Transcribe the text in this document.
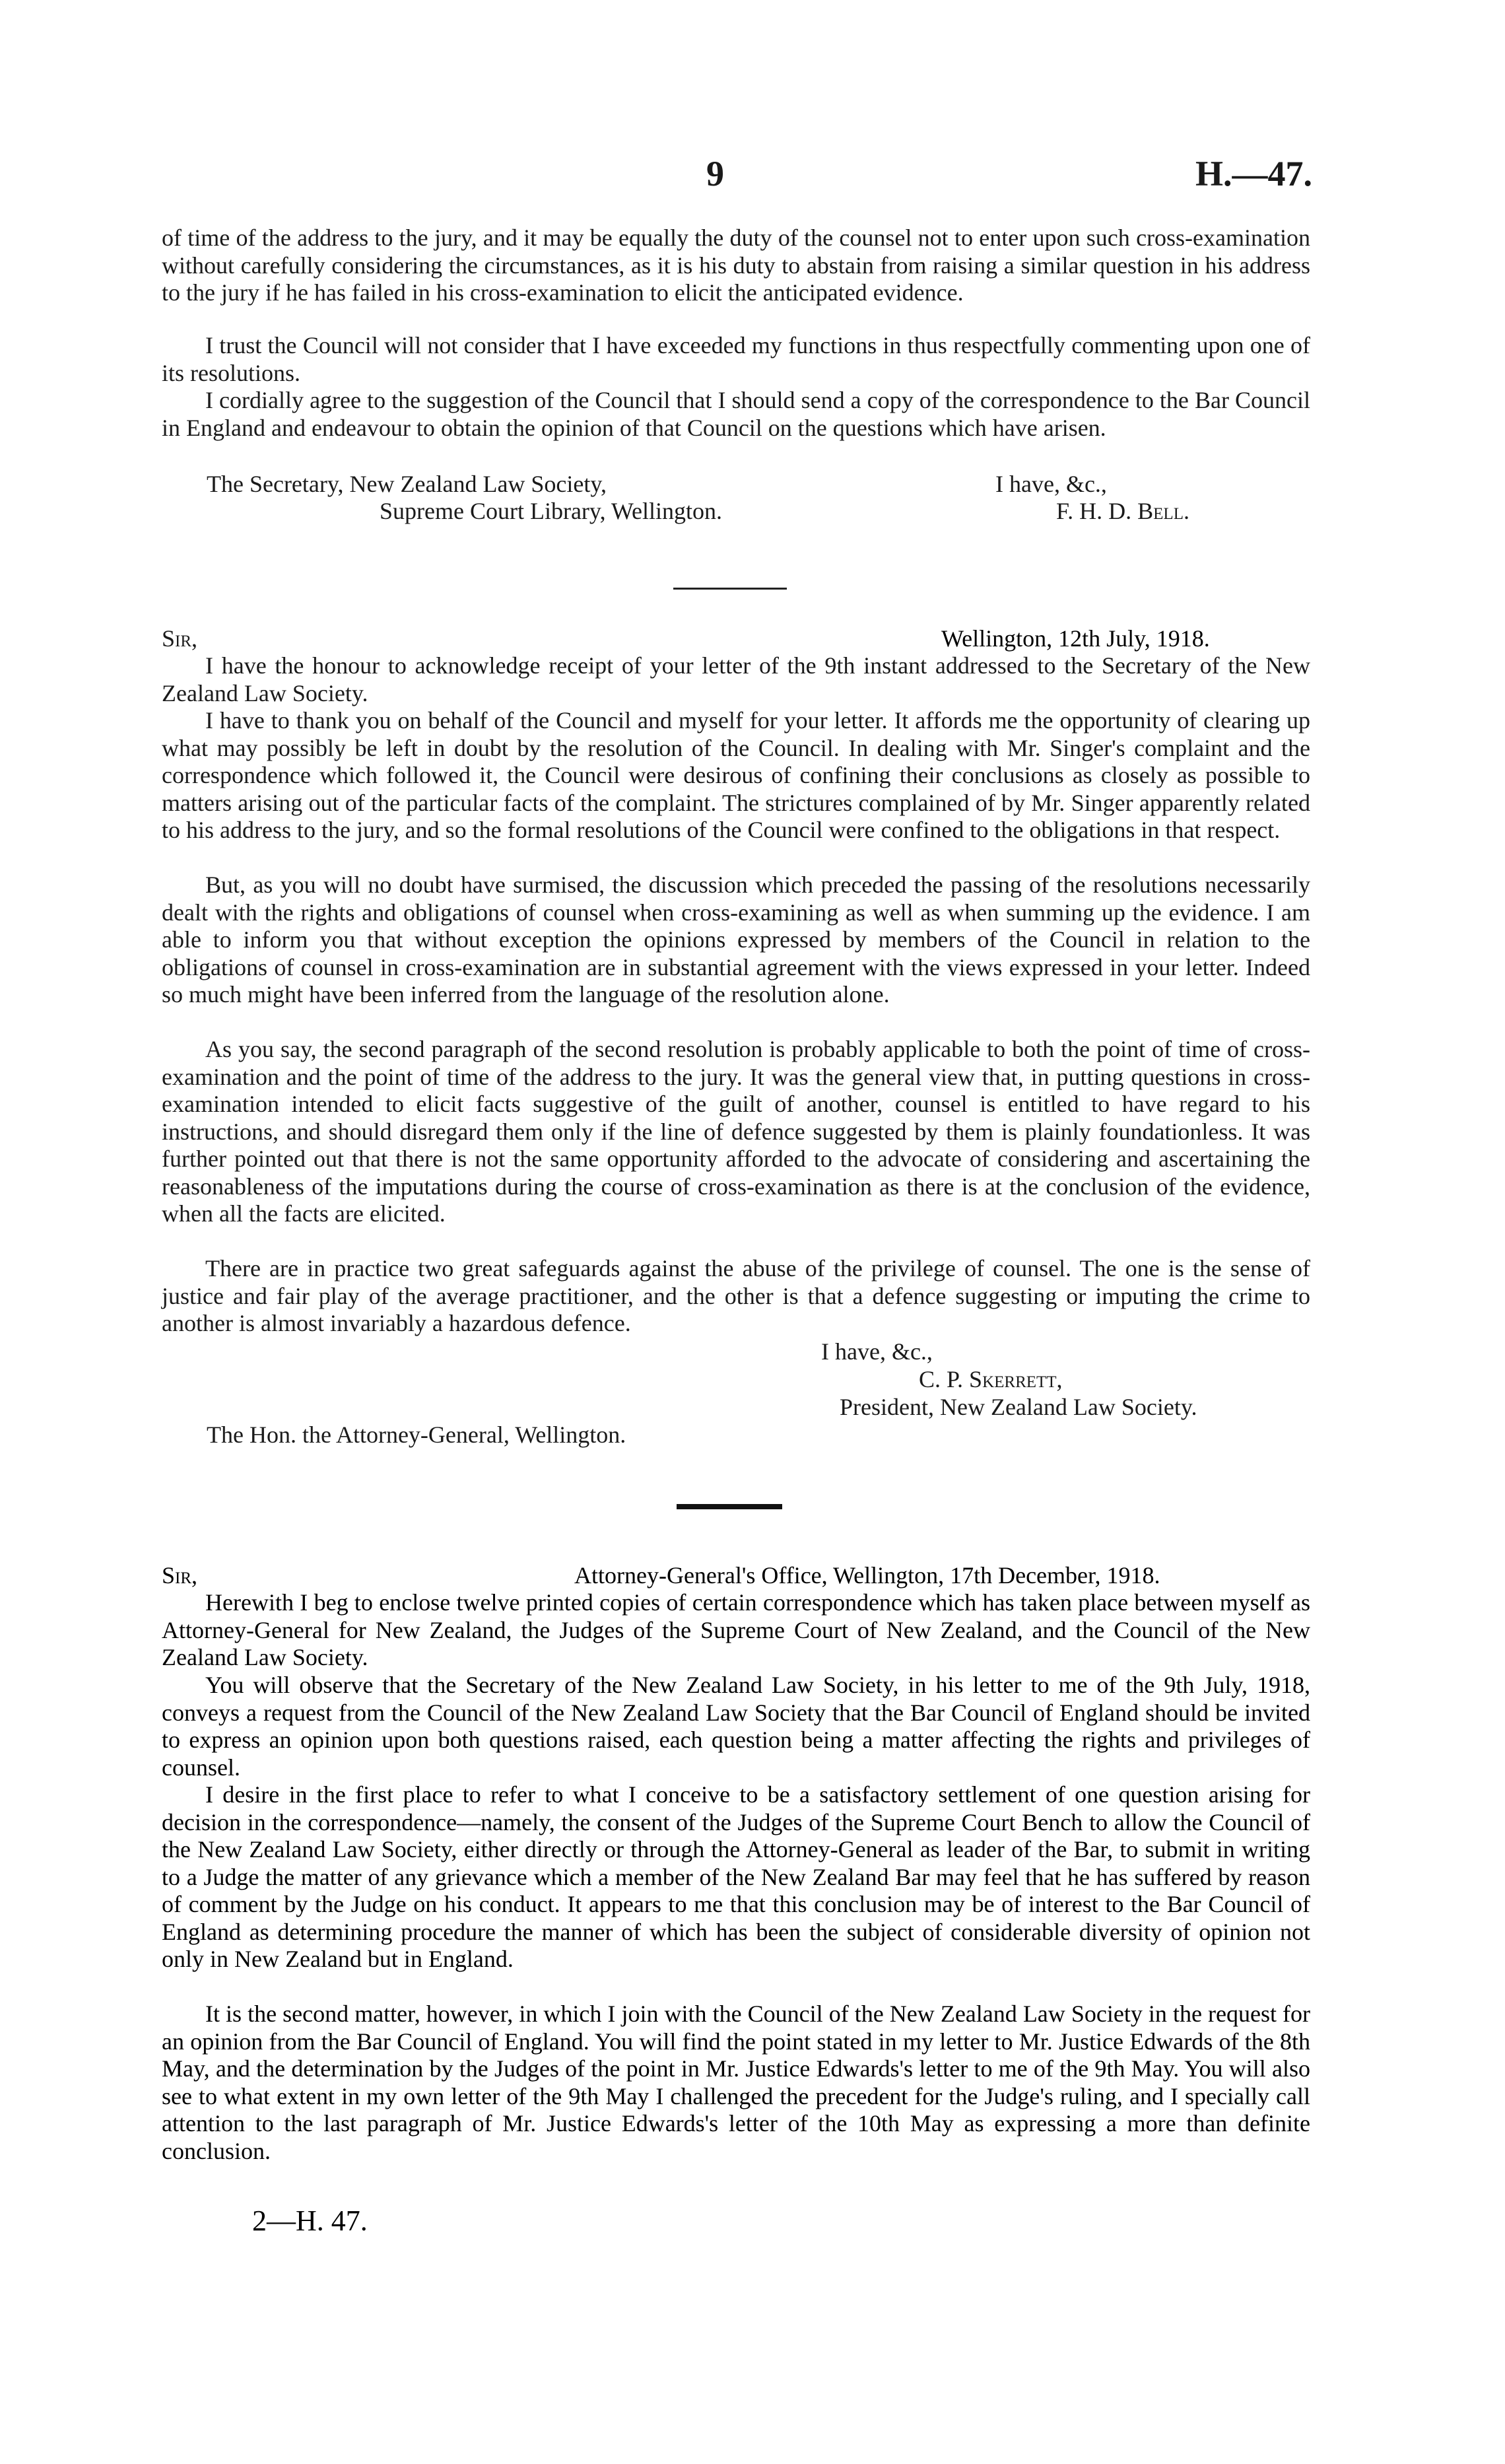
9	H.—47.

of time of the address to the jury, and it may be equally the duty of the counsel not to enter upon such cross-examination without carefully considering the circumstances, as it is his duty to abstain from raising a similar question in his address to the jury if he has failed in his cross-examination to elicit the anticipated evidence.

I trust the Council will not consider that I have exceeded my functions in thus respectfully commenting upon one of its resolutions.

I cordially agree to the suggestion of the Council that I should send a copy of the correspondence to the Bar Council in England and endeavour to obtain the opinion of that Council on the questions which have arisen.

The Secretary, New Zealand Law Society,
Supreme Court Library, Wellington.
I have, &c.,
F. H. D. Bell.
Sir,	Wellington, 12th July, 1918.

I have the honour to acknowledge receipt of your letter of the 9th instant addressed to the Secretary of the New Zealand Law Society.

I have to thank you on behalf of the Council and myself for your letter. It affords me the opportunity of clearing up what may possibly be left in doubt by the resolution of the Council. In dealing with Mr. Singer's complaint and the correspondence which followed it, the Council were desirous of confining their conclusions as closely as possible to matters arising out of the particular facts of the complaint. The strictures complained of by Mr. Singer apparently related to his address to the jury, and so the formal resolutions of the Council were confined to the obligations in that respect.

But, as you will no doubt have surmised, the discussion which preceded the passing of the resolutions necessarily dealt with the rights and obligations of counsel when cross-examining as well as when summing up the evidence. I am able to inform you that without exception the opinions expressed by members of the Council in relation to the obligations of counsel in cross-examination are in substantial agreement with the views expressed in your letter. Indeed so much might have been inferred from the language of the resolution alone.

As you say, the second paragraph of the second resolution is probably applicable to both the point of time of cross-examination and the point of time of the address to the jury. It was the general view that, in putting questions in cross-examination intended to elicit facts suggestive of the guilt of another, counsel is entitled to have regard to his instructions, and should disregard them only if the line of defence suggested by them is plainly foundationless. It was further pointed out that there is not the same opportunity afforded to the advocate of considering and ascertaining the reasonableness of the imputations during the course of cross-examination as there is at the conclusion of the evidence, when all the facts are elicited.

There are in practice two great safeguards against the abuse of the privilege of counsel. The one is the sense of justice and fair play of the average practitioner, and the other is that a defence suggesting or imputing the crime to another is almost invariably a hazardous defence.

I have, &c.,
C. P. Skerrett,
President, New Zealand Law Society.
The Hon. the Attorney-General, Wellington.
Sir,	Attorney-General's Office, Wellington, 17th December, 1918.

Herewith I beg to enclose twelve printed copies of certain correspondence which has taken place between myself as Attorney-General for New Zealand, the Judges of the Supreme Court of New Zealand, and the Council of the New Zealand Law Society.

You will observe that the Secretary of the New Zealand Law Society, in his letter to me of the 9th July, 1918, conveys a request from the Council of the New Zealand Law Society that the Bar Council of England should be invited to express an opinion upon both questions raised, each question being a matter affecting the rights and privileges of counsel.

I desire in the first place to refer to what I conceive to be a satisfactory settlement of one question arising for decision in the correspondence—namely, the consent of the Judges of the Supreme Court Bench to allow the Council of the New Zealand Law Society, either directly or through the Attorney-General as leader of the Bar, to submit in writing to a Judge the matter of any grievance which a member of the New Zealand Bar may feel that he has suffered by reason of comment by the Judge on his conduct. It appears to me that this conclusion may be of interest to the Bar Council of England as determining procedure the manner of which has been the subject of considerable diversity of opinion not only in New Zealand but in England.

It is the second matter, however, in which I join with the Council of the New Zealand Law Society in the request for an opinion from the Bar Council of England. You will find the point stated in my letter to Mr. Justice Edwards of the 8th May, and the determination by the Judges of the point in Mr. Justice Edwards's letter to me of the 9th May. You will also see to what extent in my own letter of the 9th May I challenged the precedent for the Judge's ruling, and I specially call attention to the last paragraph of Mr. Justice Edwards's letter of the 10th May as expressing a more than definite conclusion.

2—H. 47.
